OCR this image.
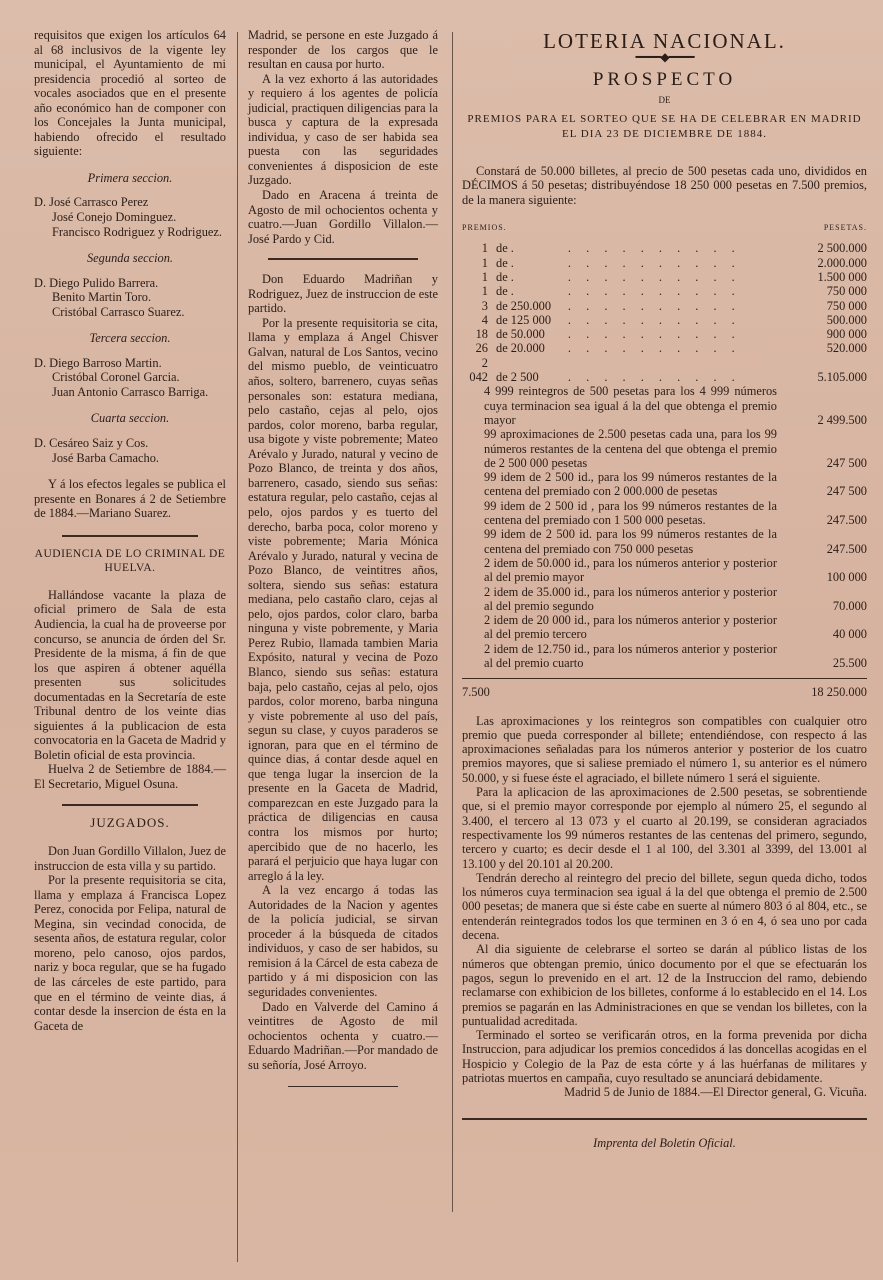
requisitos que exigen los artículos 64 al 68 inclusivos de la vigente ley municipal, el Ayuntamiento de mi presidencia procedió al sorteo de vocales asociados que en el presente año económico han de componer con los Concejales la Junta municipal, habiendo ofrecido el resultado siguiente:

Primera seccion.

D. José Carrasco Perez

José Conejo Dominguez.

Francisco Rodriguez y Rodriguez.

Segunda seccion.

D. Diego Pulido Barrera.

Benito Martin Toro.

Cristóbal Carrasco Suarez.

Tercera seccion.

D. Diego Barroso Martin.

Cristóbal Coronel Garcia.

Juan Antonio Carrasco Barriga.

Cuarta seccion.

D. Cesáreo Saiz y Cos.

José Barba Camacho.

Y á los efectos legales se publica el presente en Bonares á 2 de Setiembre de 1884.—Mariano Suarez.

AUDIENCIA DE LO CRIMINAL DE HUELVA.

Hallándose vacante la plaza de oficial primero de Sala de esta Audiencia, la cual ha de proveerse por concurso, se anuncia de órden del Sr. Presidente de la misma, á fin de que los que aspiren á obtener aquélla presenten sus solicitudes documentadas en la Secretaría de este Tribunal dentro de los veinte dias siguientes á la publicacion de esta convocatoria en la Gaceta de Madrid y Boletin oficial de esta provincia.

Huelva 2 de Setiembre de 1884.—El Secretario, Miguel Osuna.

JUZGADOS.

Don Juan Gordillo Villalon, Juez de instruccion de esta villa y su partido.

Por la presente requisitoria se cita, llama y emplaza á Francisca Lopez Perez, conocida por Felipa, natural de Megina, sin vecindad conocida, de sesenta años, de estatura regular, color moreno, pelo canoso, ojos pardos, nariz y boca regular, que se ha fugado de las cárceles de este partido, para que en el término de veinte dias, á contar desde la insercion de ésta en la Gaceta de

Madrid, se persone en este Juzgado á responder de los cargos que le resultan en causa por hurto.

A la vez exhorto á las autoridades y requiero á los agentes de policía judicial, practiquen diligencias para la busca y captura de la expresada individua, y caso de ser habida sea puesta con las seguridades convenientes á disposicion de este Juzgado.

Dado en Aracena á treinta de Agosto de mil ochocientos ochenta y cuatro.—Juan Gordillo Villalon.—José Pardo y Cid.

Don Eduardo Madriñan y Rodriguez, Juez de instruccion de este partido.

Por la presente requisitoria se cita, llama y emplaza á Angel Chisver Galvan, natural de Los Santos, vecino del mismo pueblo, de veinticuatro años, soltero, barrenero, cuyas señas personales son: estatura mediana, pelo castaño, cejas al pelo, ojos pardos, color moreno, barba regular, usa bigote y viste pobremente; Mateo Arévalo y Jurado, natural y vecino de Pozo Blanco, de treinta y dos años, barrenero, casado, siendo sus señas: estatura regular, pelo castaño, cejas al pelo, ojos pardos y es tuerto del derecho, barba poca, color moreno y viste pobremente; Maria Mónica Arévalo y Jurado, natural y vecina de Pozo Blanco, de veintitres años, soltera, siendo sus señas: estatura mediana, pelo castaño claro, cejas al pelo, ojos pardos, color claro, barba ninguna y viste pobremente, y Maria Perez Rubio, llamada tambien Maria Expósito, natural y vecina de Pozo Blanco, siendo sus señas: estatura baja, pelo castaño, cejas al pelo, ojos pardos, color moreno, barba ninguna y viste pobremente al uso del país, segun su clase, y cuyos paraderos se ignoran, para que en el término de quince dias, á contar desde aquel en que tenga lugar la insercion de la presente en la Gaceta de Madrid, comparezcan en este Juzgado para la práctica de diligencias en causa contra los mismos por hurto; apercibido que de no hacerlo, les parará el perjuicio que haya lugar con arreglo á la ley.

A la vez encargo á todas las Autoridades de la Nacion y agentes de la policía judicial, se sirvan proceder á la búsqueda de citados individuos, y caso de ser habidos, su remision á la Cárcel de esta cabeza de partido y á mi disposicion con las seguridades convenientes.

Dado en Valverde del Camino á veintitres de Agosto de mil ochocientos ochenta y cuatro.—Eduardo Madriñan.—Por mandado de su señoría, José Arroyo.

LOTERIA NACIONAL.
━━━━◆━━━━
PROSPECTO
DE
PREMIOS PARA EL SORTEO QUE SE HA DE CELEBRAR EN MADRID EL DIA 23 DE DICIEMBRE DE 1884.

Constará de 50.000 billetes, al precio de 500 pesetas cada uno, divididos en DÉCIMOS á 50 pesetas; distribuyéndose 18 250 000 pesetas en 7.500 premios, de la manera siguiente:

PREMIOS.	PESETAS.
1	de .	. . . . . . . . . .	2 500.000
1	de .	. . . . . . . . . .	2.000.000
1	de .	. . . . . . . . . .	1.500 000
1	de .	. . . . . . . . . .	750 000
3	de 250.000	. . . . . . . . . .	750 000
4	de 125 000	. . . . . . . . . .	500.000
18	de 50.000	. . . . . . . . . .	900 000
26	de 20.000	. . . . . . . . . .	520.000
2 042	de 2 500	. . . . . . . . . .	5.105.000
4 999 reintegros de 500 pesetas para los 4 999 números cuya terminacion sea igual á la del que obtenga el premio mayor	2 499.500
99 aproximaciones de 2.500 pesetas cada una, para los 99 números restantes de la centena del que obtenga el premio de 2 500 000 pesetas	247 500
99 idem de 2 500 id., para los 99 números restantes de la centena del premiado con 2 000.000 de pesetas	247 500
99 idem de 2 500 id , para los 99 números restantes de la centena del premiado con 1 500 000 pesetas.	247.500
99 idem de 2 500 id. para los 99 números restantes de la centena del premiado con 750 000 pesetas	247.500
2 idem de 50.000 id., para los números anterior y posterior al del premio mayor	100 000
2 idem de 35.000 id., para los números anterior y posterior al del premio segundo	70.000
2 idem de 20 000 id., para los números anterior y posterior al del premio tercero	40 000
2 idem de 12.750 id., para los números anterior y posterior al del premio cuarto	25.500
7.500	18 250.000

Las aproximaciones y los reintegros son compatibles con cualquier otro premio que pueda corresponder al billete; entendiéndose, con respecto á las aproximaciones señaladas para los números anterior y posterior de los cuatro premios mayores, que si saliese premiado el número 1, su anterior es el número 50.000, y si fuese éste el agraciado, el billete número 1 será el siguiente.

Para la aplicacion de las aproximaciones de 2.500 pesetas, se sobrentiende que, si el premio mayor corresponde por ejemplo al número 25, el segundo al 3.400, el tercero al 13 073 y el cuarto al 20.199, se consideran agraciados respectivamente los 99 números restantes de las centenas del primero, segundo, tercero y cuarto; es decir desde el 1 al 100, del 3.301 al 3399, del 13.001 al 13.100 y del 20.101 al 20.200.

Tendrán derecho al reintegro del precio del billete, segun queda dicho, todos los números cuya terminacion sea igual á la del que obtenga el premio de 2.500 000 pesetas; de manera que si éste cabe en suerte al número 803 ó al 804, etc., se entenderán reintegrados todos los que terminen en 3 ó en 4, ó sea uno por cada decena.

Al dia siguiente de celebrarse el sorteo se darán al público listas de los números que obtengan premio, único documento por el que se efectuarán los pagos, segun lo prevenido en el art. 12 de la Instruccion del ramo, debiendo reclamarse con exhibicion de los billetes, conforme á lo establecido en el 14. Los premios se pagarán en las Administraciones en que se vendan los billetes, con la puntualidad acreditada.

Terminado el sorteo se verificarán otros, en la forma prevenida por dicha Instruccion, para adjudicar los premios concedidos á las doncellas acogidas en el Hospicio y Colegio de la Paz de esta córte y á las huérfanas de militares y patriotas muertos en campaña, cuyo resultado se anunciará debidamente.

Madrid 5 de Junio de 1884.—El Director general, G. Vicuña.

Imprenta del Boletin Oficial.
